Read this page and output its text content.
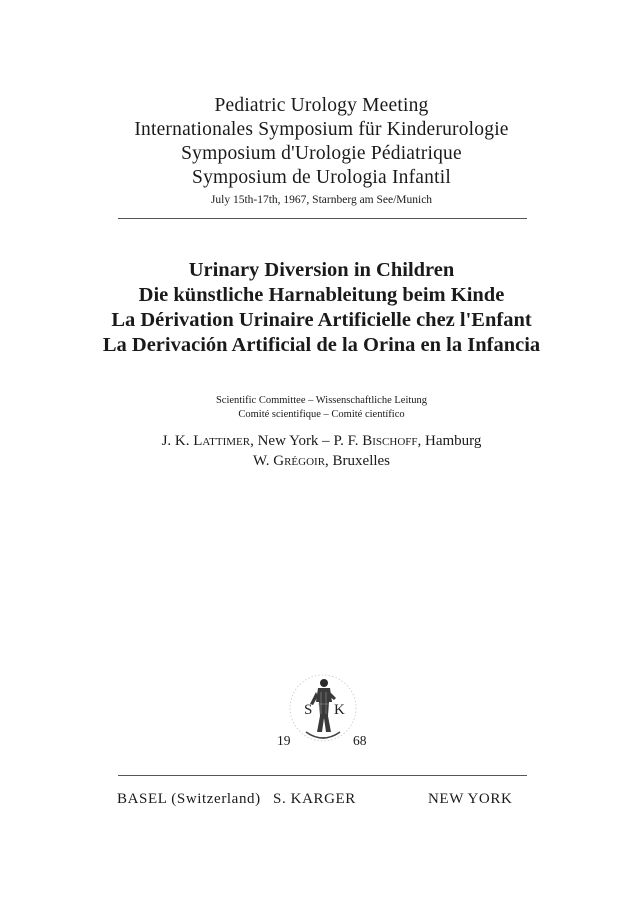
Pediatric Urology Meeting
Internationales Symposium für Kinderurologie
Symposium d'Urologie Pédiatrique
Symposium de Urologia Infantil
July 15th-17th, 1967, Starnberg am See/Munich
Urinary Diversion in Children
Die künstliche Harnableitung beim Kinde
La Dérivation Urinaire Artificielle chez l'Enfant
La Derivación Artificial de la Orina en la Infancia
Scientific Committee – Wissenschaftliche Leitung
Comité scientifique – Comité científico
J. K. Lattimer, New York – P. F. Bischoff, Hamburg
W. Grégoir, Bruxelles
S K
19	68
BASEL (Switzerland) S. KARGER	NEW YORK
